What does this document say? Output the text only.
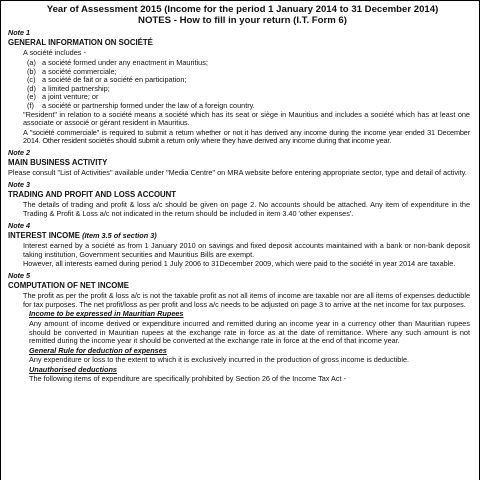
Year of Assessment 2015 (Income for the period 1 January 2014 to 31 December 2014)
NOTES - How to fill in your return (I.T. Form 6)
Note 1
GENERAL INFORMATION ON SOCIÉTÉ
A société includes -
(a) a société formed under any enactment in Mauritius;
(b) a société commerciale;
(c) a société de fait or a société en participation;
(d) a limited partnership;
(e) a joint venture; or
(f)	a société or partnership formed under the law of a foreign country.
"Resident" in relation to a société means a société which has its seat or siège in Mauritius and includes a société which has at least one associate or associé or gérant resident in Mauritius.
A "société commerciale" is required to submit a return whether or not it has derived any income during the income year ended 31 December 2014. Other resident sociétés should submit a return only where they have derived any income during that income year.
Note 2
MAIN BUSINESS ACTIVITY
Please consult "List of Activities" available under "Media Centre" on MRA website before entering appropriate sector, type and detail of activity.
Note 3
TRADING AND PROFIT AND LOSS ACCOUNT
The details of trading and profit & loss a/c should be given on page 2. No accounts should be attached. Any item of expenditure in the Trading & Profit & Loss a/c not indicated in the return should be included in item 3.40 'other expenses'.
Note 4
INTEREST INCOME (Item 3.5 of section 3)
Interest earned by a société as from 1 January 2010 on savings and fixed deposit accounts maintained with a bank or non-bank deposit taking institution, Government securities and Mauritius Bills are exempt.
However, all interests earned during period 1 July 2006 to 31December 2009, which were paid to the société in year 2014 are taxable.
Note 5
COMPUTATION OF NET INCOME
The profit as per the profit & loss a/c is not the taxable profit as not all items of income are taxable nor are all items of expenses deductible for tax purposes. The net profit/loss as per profit and loss a/c needs to be adjusted on page 3 to arrive at the net income for tax purposes.
Income to be expressed in Mauritian Rupees
Any amount of income derived or expenditure incurred and remitted during an income year in a currency other than Mauritian rupees should be converted in Mauritian rupees at the exchange rate in force as at the date of remittance. Where any such amount is not remitted during the income year it should be converted at the exchange rate in force at the end of that income year.
General Rule for deduction of expenses
Any expenditure or loss to the extent to which it is exclusively incurred in the production of gross income is deductible.
Unauthorised deductions
The following items of expenditure are specifically prohibited by Section 26 of the Income Tax Act -
